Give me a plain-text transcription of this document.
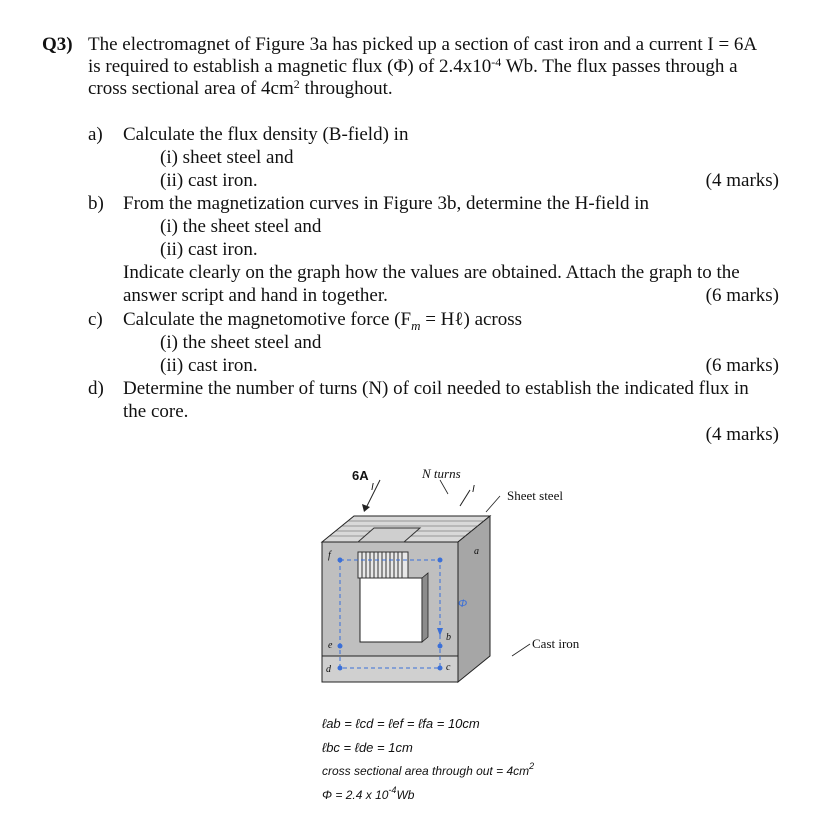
Q3) The electromagnet of Figure 3a has picked up a section of cast iron and a current I = 6A
is required to establish a magnetic flux (Φ) of $2.4x10^{-4}$ Wb. The flux passes through a
cross sectional area of $4cm^2$ throughout.
a) Calculate the flux density (B-field) in
(i) sheet steel and
(ii) cast iron.	(4 marks)
b) From the magnetization curves in Figure 3b, determine the H-field in
(i) the sheet steel and
(ii) cast iron.
Indicate clearly on the graph how the values are obtained. Attach the graph to the
answer script and hand in together.	(6 marks)
c) Calculate the magnetomotive force ($F_m$ = Hℓ) across
(i) the sheet steel and
(ii) cast iron.	(6 marks)
d) Determine the number of turns (N) of coil needed to establish the indicated flux in
the core.
(4 marks)
6A	N turns
Sheet steel
Cast iron
Φ
I	I
a
b
c
d
e
f
ℓab = ℓcd = ℓef = ℓfa = 10cm
ℓbc = ℓde = 1cm
cross sectional area through out = $4cm^2$
Φ = 2.4 x $10^{-4}Wb$
